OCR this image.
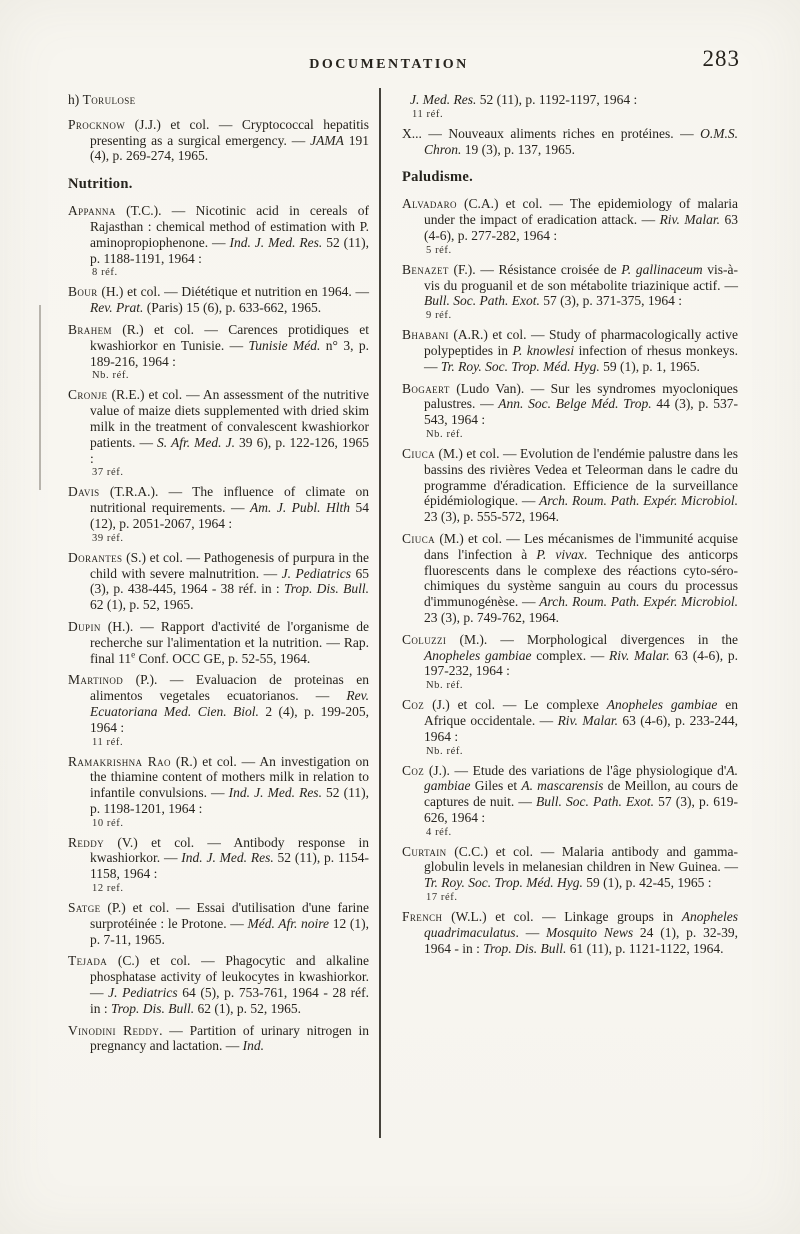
DOCUMENTATION	283

h) Torulose

Procknow (J.J.) et col. — Cryptococcal hepatitis presenting as a surgical emergency. — JAMA 191 (4), p. 269-274, 1965.

Nutrition.

Appanna (T.C.). — Nicotinic acid in cereals of Rajasthan : chemical method of estimation with P. aminopropiophenone. — Ind. J. Med. Res. 52 (11), p. 1188-1191, 1964 :
8 réf.

Bour (H.) et col. — Diététique et nutrition en 1964. — Rev. Prat. (Paris) 15 (6), p. 633-662, 1965.

Brahem (R.) et col. — Carences protidiques et kwashiorkor en Tunisie. — Tunisie Méd. n° 3, p. 189-216, 1964 :
Nb. réf.

Cronje (R.E.) et col. — An assessment of the nutritive value of maize diets supplemented with dried skim milk in the treatment of convalescent kwashiorkor patients. — S. Afr. Med. J. 39 6), p. 122-126, 1965 :
37 réf.

Davis (T.R.A.). — The influence of climate on nutritional requirements. — Am. J. Publ. Hlth 54 (12), p. 2051-2067, 1964 :
39 réf.

Dorantes (S.) et col. — Pathogenesis of purpura in the child with severe malnutrition. — J. Pediatrics 65 (3), p. 438-445, 1964 - 38 réf. in : Trop. Dis. Bull. 62 (1), p. 52, 1965.

Dupin (H.). — Rapport d'activité de l'organisme de recherche sur l'alimentation et la nutrition. — Rap. final 11e Conf. OCC GE, p. 52-55, 1964.

Martinod (P.). — Evaluacion de proteinas en alimentos vegetales ecuatorianos. — Rev. Ecuatoriana Med. Cien. Biol. 2 (4), p. 199-205, 1964 :
11 réf.

Ramakrishna Rao (R.) et col. — An investigation on the thiamine content of mothers milk in relation to infantile convulsions. — Ind. J. Med. Res. 52 (11), p. 1198-1201, 1964 :
10 réf.

Reddy (V.) et col. — Antibody response in kwashiorkor. — Ind. J. Med. Res. 52 (11), p. 1154-1158, 1964 :
12 ref.

Satge (P.) et col. — Essai d'utilisation d'une farine surprotéinée : le Protone. — Méd. Afr. noire 12 (1), p. 7-11, 1965.

Tejada (C.) et col. — Phagocytic and alkaline phosphatase activity of leukocytes in kwashiorkor. — J. Pediatrics 64 (5), p. 753-761, 1964 - 28 réf. in : Trop. Dis. Bull. 62 (1), p. 52, 1965.

Vinodini Reddy. — Partition of urinary nitrogen in pregnancy and lactation. — Ind.

J. Med. Res. 52 (11), p. 1192-1197, 1964 :
11 réf.

X... — Nouveaux aliments riches en protéines. — O.M.S. Chron. 19 (3), p. 137, 1965.

Paludisme.

Alvadaro (C.A.) et col. — The epidemiology of malaria under the impact of eradication attack. — Riv. Malar. 63 (4-6), p. 277-282, 1964 :
5 réf.

Benazet (F.). — Résistance croisée de P. gallinaceum vis-à-vis du proguanil et de son métabolite triazinique actif. — Bull. Soc. Path. Exot. 57 (3), p. 371-375, 1964 :
9 réf.

Bhabani (A.R.) et col. — Study of pharmacologically active polypeptides in P. knowlesi infection of rhesus monkeys. — Tr. Roy. Soc. Trop. Méd. Hyg. 59 (1), p. 1, 1965.

Bogaert (Ludo Van). — Sur les syndromes myocloniques palustres. — Ann. Soc. Belge Méd. Trop. 44 (3), p. 537-543, 1964 :
Nb. réf.

Ciuca (M.) et col. — Evolution de l'endémie palustre dans les bassins des rivières Vedea et Teleorman dans le cadre du programme d'éradication. Efficience de la surveillance épidémiologique. — Arch. Roum. Path. Expér. Microbiol. 23 (3), p. 555-572, 1964.

Ciuca (M.) et col. — Les mécanismes de l'immunité acquise dans l'infection à P. vivax. Technique des anticorps fluorescents dans le complexe des réactions cyto-séro-chimiques du système sanguin au cours du processus d'immunogénèse. — Arch. Roum. Path. Expér. Microbiol. 23 (3), p. 749-762, 1964.

Coluzzi (M.). — Morphological divergences in the Anopheles gambiae complex. — Riv. Malar. 63 (4-6), p. 197-232, 1964 :
Nb. réf.

Coz (J.) et col. — Le complexe Anopheles gambiae en Afrique occidentale. — Riv. Malar. 63 (4-6), p. 233-244, 1964 :
Nb. réf.

Coz (J.). — Etude des variations de l'âge physiologique d'A. gambiae Giles et A. mascarensis de Meillon, au cours de captures de nuit. — Bull. Soc. Path. Exot. 57 (3), p. 619-626, 1964 :
4 réf.

Curtain (C.C.) et col. — Malaria antibody and gamma-globulin levels in melanesian children in New Guinea. — Tr. Roy. Soc. Trop. Méd. Hyg. 59 (1), p. 42-45, 1965 :
17 réf.

French (W.L.) et col. — Linkage groups in Anopheles quadrimaculatus. — Mosquito News 24 (1), p. 32-39, 1964 - in : Trop. Dis. Bull. 61 (11), p. 1121-1122, 1964.
